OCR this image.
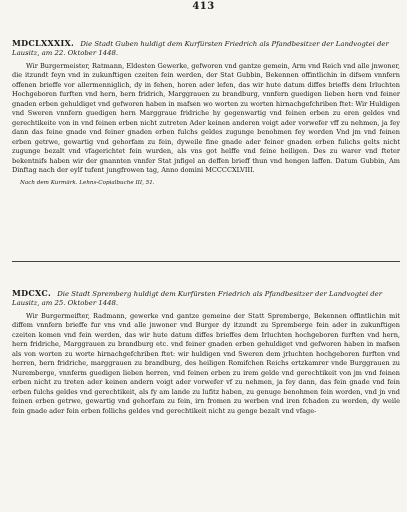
413

MDCLXXXIX. Die Stadt Guben huldigt dem Kurfürsten Friedrich als Pfandbesitzer der Landvogtei der Lausitz, am 22. Oktober 1448.

Wir Burgermeister, Ratmann, Eldesten Gewerke, gefworen vnd gantze gemein, Arm vnd Reich vnd alle jnwoner, die itzundt feyn vnd in zukunftigen czeiten fein werden, der Stat Gubbin, Bekennen offintlichin in difsem vnnfern offenen brieffe vor allermenniglich, dy in fehen, horen ader lefen, das wir hute datum diffes brieffs dem Irluchten Hochgeboren furften vnd hern, hern fridrich, Marggrauen zu brandburg, vnnfern guedigen lieben hern vnd feiner gnaden erben gehuldiget vnd gefworen haben in mafsen wo worten zu worten hirnachgefchriben ftet: Wir Huldigen vnd Sweren vnnfern guedigen hern Marggraue fridriche hy gegenwartig vnd feinen erben zu eren geldes vnd gerechtikeite von in vnd feinen erben nicht zutreten Ader keinen anderen voigt ader vorwefer vff zu nehmen, ja fey dann das feine gnade vnd feiner gnaden erben fulchs geldes zugunge benohmen fey worden Vnd jm vnd feinen erben getrwe, gewartig vnd gehorfam zu fein, dyweile fine gnade ader feiner gnaden erben fulichs gelts nicht zugunge bezalt vnd vfagerichtet fein wurden, als vns got helffe vnd feine heiligen. Des zu warer vnd fteter bekentnifs haben wir der gnannten vnnfer Stat jnfigel an deffen brieff thun vnd hengen laffen. Datum Gubbin, Am Dinftag nach der eylf tufent jungfrowen tag, Anno domini MCCCCXLVIII.

Nach dem Kurmärk. Lehns-Copialbuche III, 51.

MDCXC. Die Stadt Spremberg huldigt dem Kurfürsten Friedrich als Pfandbesitzer der Landvogtei der Lausitz, am 25. Oktober 1448.

Wir Burgermeifter, Radmann, gewerke vnd gantze gemeine der Statt Spremberge, Bekennen offintlichin mit diffem vnnfern brieffe fur vns vnd alle jnwoner vnd Burger dy itzundt zu Spremberge fein ader in zukunftigen czeiten komen vnd fein werden, das wir hute datum diffes brieffes dem Irluchten hochgeboren furften vnd hern, hern fridriche, Marggrauen zu brandburg etc. vnd feiner gnaden erben gehuldiget vnd gefworen haben in mafsen als von worten zu worte hirnachgefchriben ftet: wir huldigen vnd Sweren dem jrluchten hochgeboren furften vnd herren, hern fridriche, marggrauen zu brandburg, des heiligen Romifchen Reichs ertzkamrer vnde Burggrauen zu Nuremberge, vnnferm guedigen lieben herren, vnd feinen erben zu irem gelde vnd gerechtikeit von jm vnd feinen erben nicht zu treten ader keinen andern voigt ader vorwefer vf zu nehmen, ja fey dann, das fein gnade vnd fein erben fulchs geldes vnd gerechtikeit, als fy am lande zu lufitz haben, zu genuge benohmen fein worden, vnd jn vnd feinen erben getrwe, gewartig vnd gehorfam zu fein, irn fromen zu werben vnd iren fchaden zu werden, dy weile fein gnade ader fein erben follichs geldes vnd gerechtikeit nicht zu genge bezalt vnd vfage-
